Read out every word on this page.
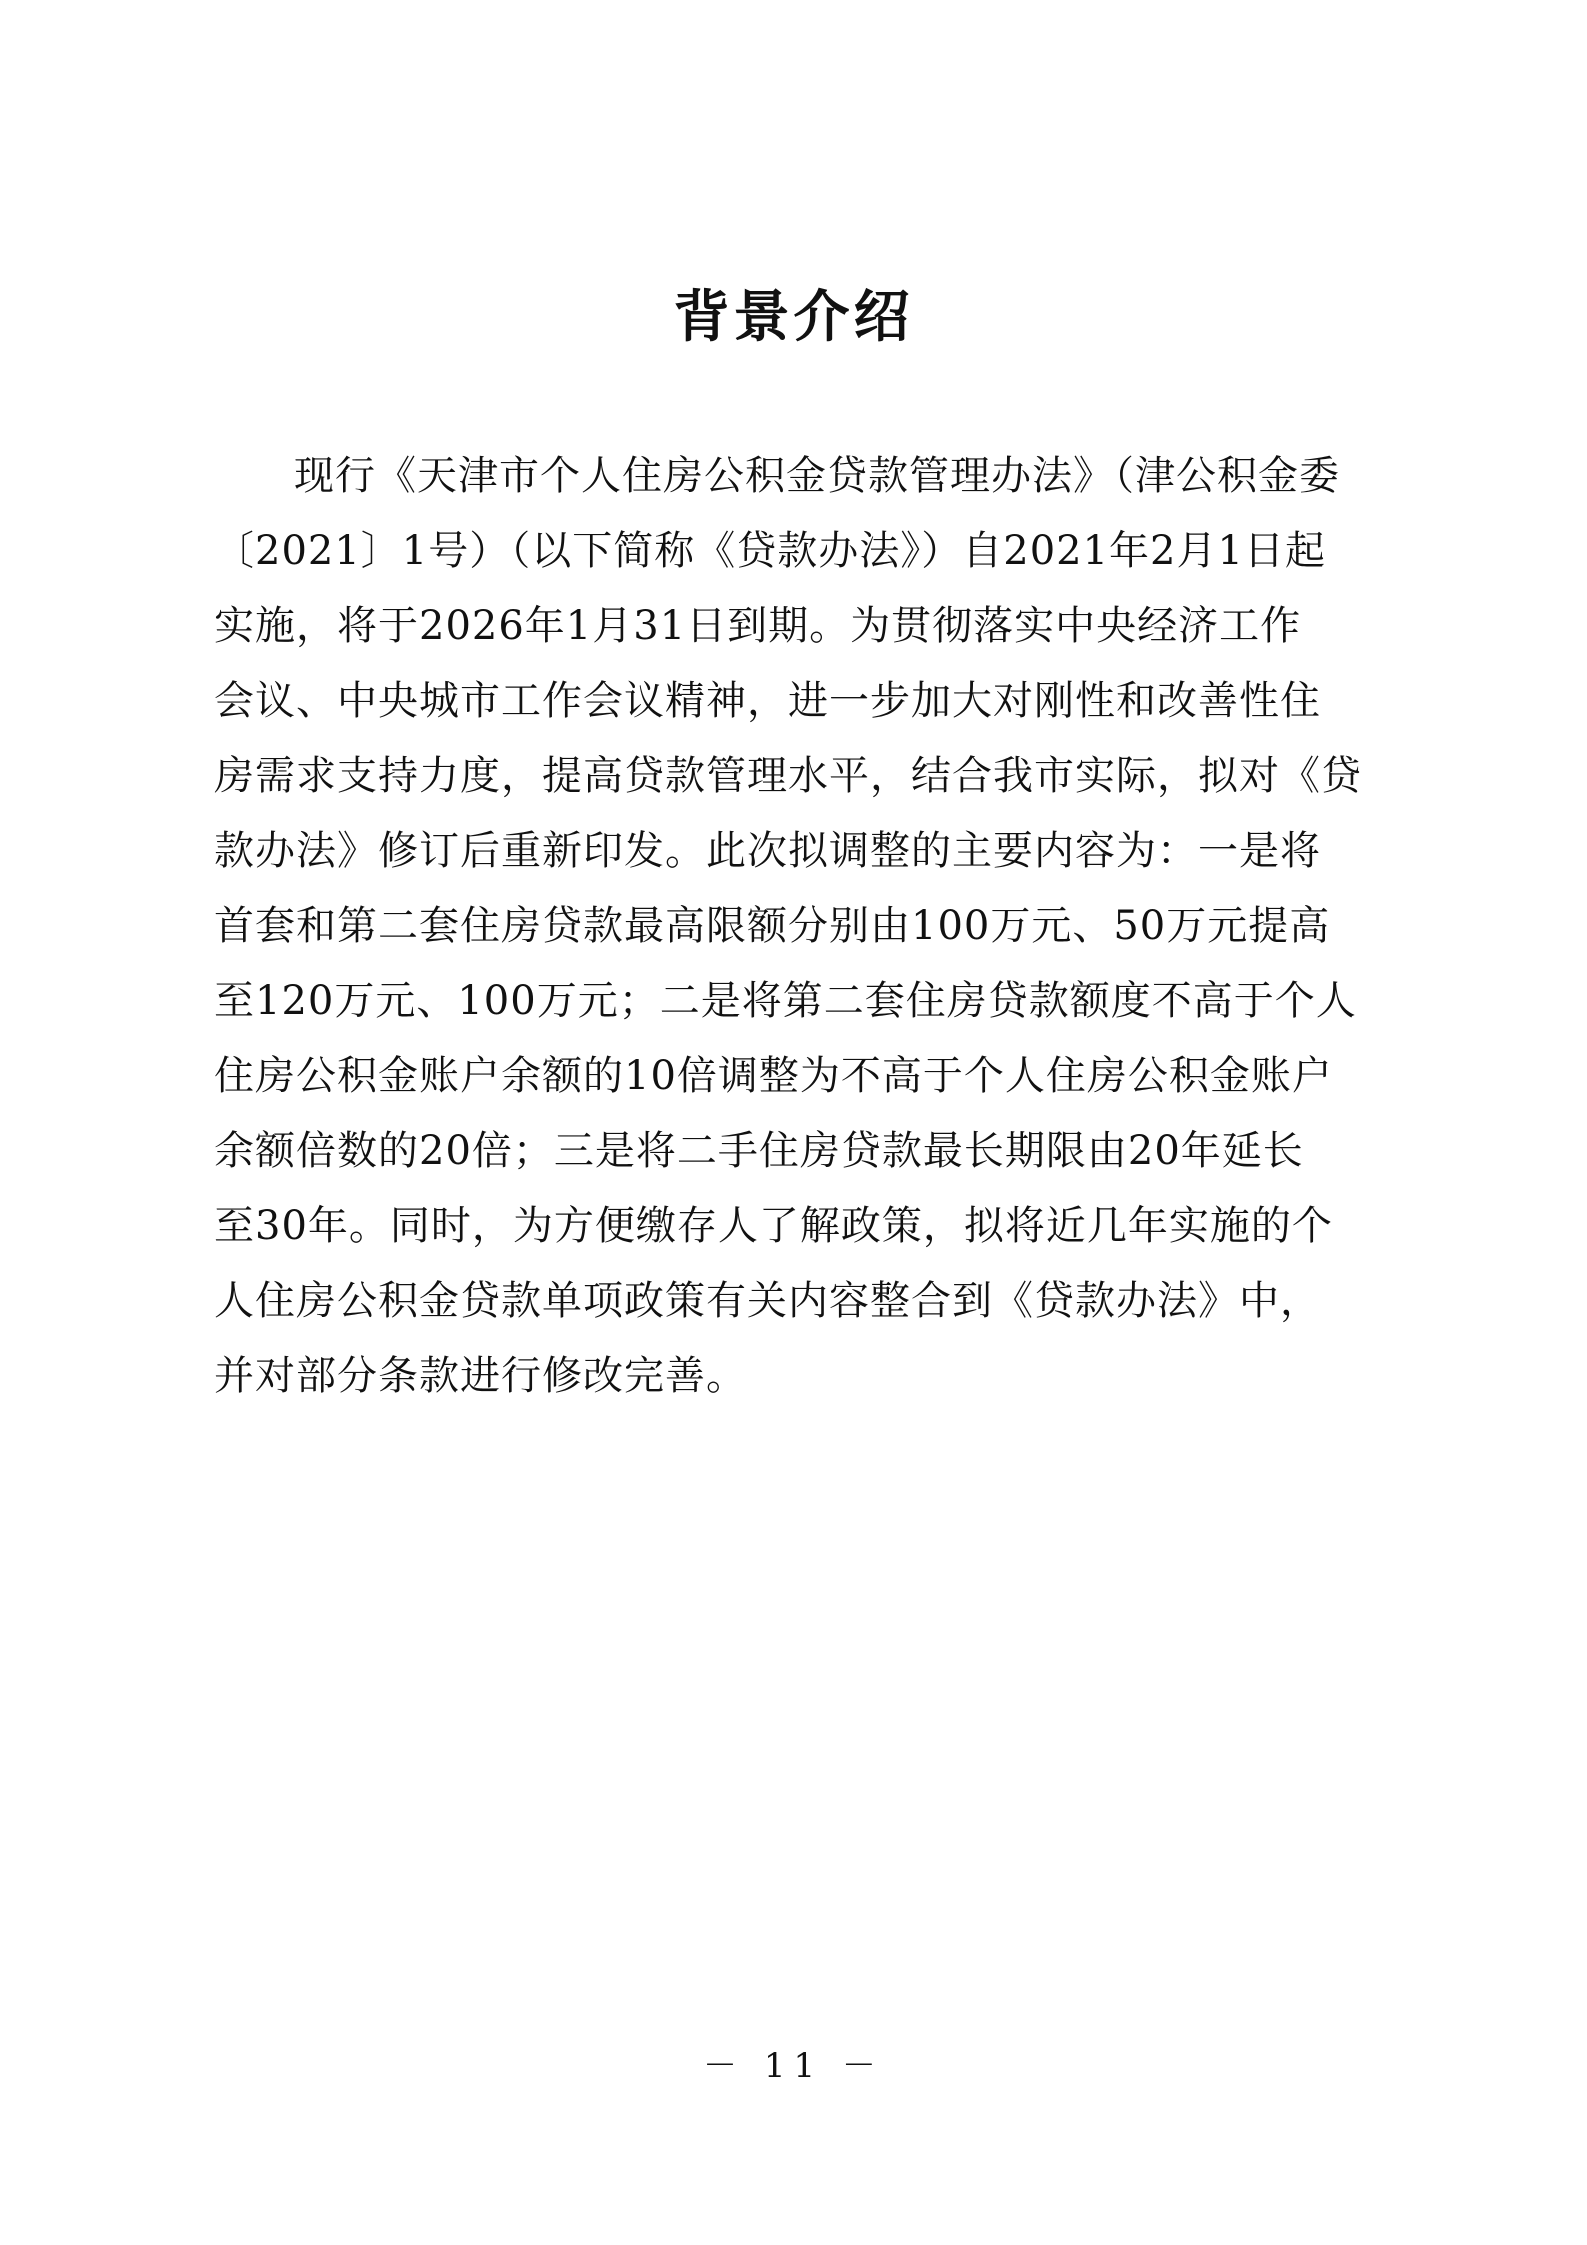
背景介绍
现行《天津市个人住房公积金贷款管理办法》（津公积金委
〔2021〕1号）（以下简称《贷款办法》）自2021年2月1日起
实施，将于2026年1月31日到期。为贯彻落实中央经济工作
会议、中央城市工作会议精神，进一步加大对刚性和改善性住
房需求支持力度，提高贷款管理水平，结合我市实际，拟对《贷
款办法》修订后重新印发。此次拟调整的主要内容为：一是将
首套和第二套住房贷款最高限额分别由100万元、50万元提高
至120万元、100万元；二是将第二套住房贷款额度不高于个人
住房公积金账户余额的10倍调整为不高于个人住房公积金账户
余额倍数的20倍；三是将二手住房贷款最长期限由20年延长
至30年。同时，为方便缴存人了解政策，拟将近几年实施的个
人住房公积金贷款单项政策有关内容整合到《贷款办法》中，
并对部分条款进行修改完善。
－ 11 －
